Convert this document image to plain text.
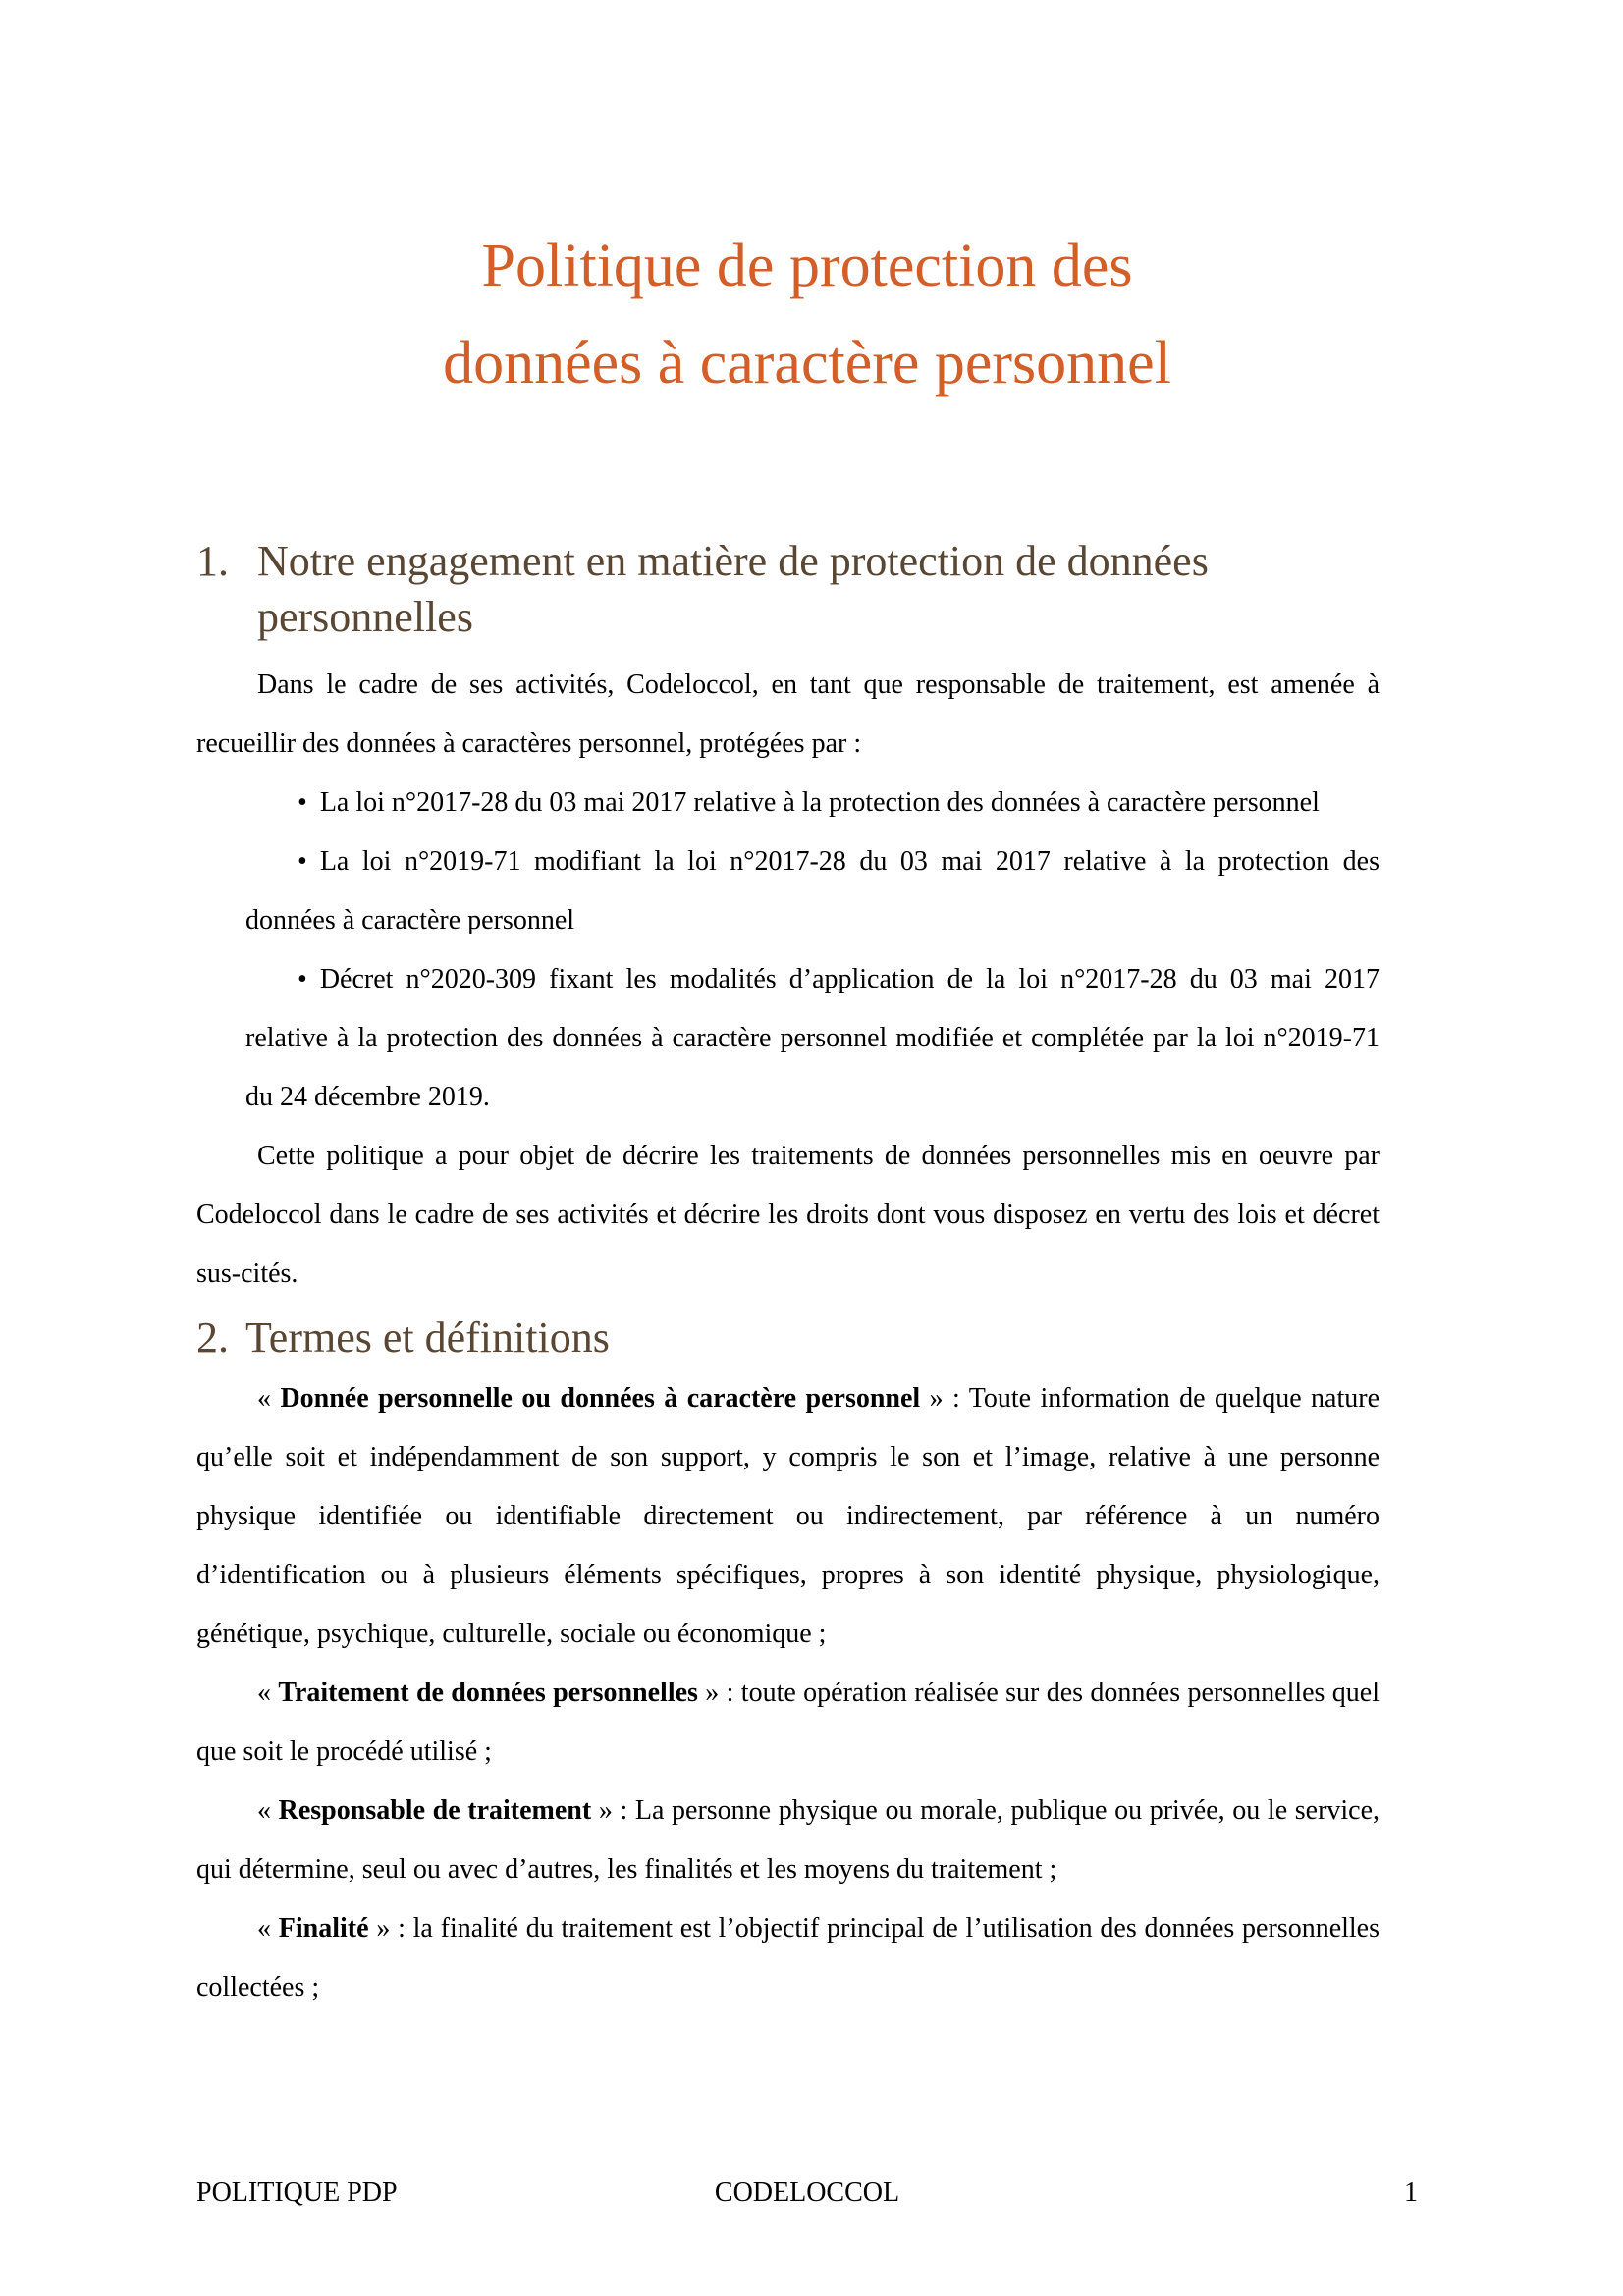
Politique de protection des
données à caractère personnel
1. Notre engagement en matière de protection de données personnelles

Dans le cadre de ses activités, Codeloccol, en tant que responsable de traitement, est amenée à recueillir des données à caractères personnel, protégées par :

• La loi n°2017-28 du 03 mai 2017 relative à la protection des données à caractère personnel

• La loi n°2019-71 modifiant la loi n°2017-28 du 03 mai 2017 relative à la protection des données à caractère personnel

• Décret n°2020-309 fixant les modalités d’application de la loi n°2017-28 du 03 mai 2017 relative à la protection des données à caractère personnel modifiée et complétée par la loi n°2019-71 du 24 décembre 2019.

Cette politique a pour objet de décrire les traitements de données personnelles mis en oeuvre par Codeloccol dans le cadre de ses activités et décrire les droits dont vous disposez en vertu des lois et décret sus-cités.

2. Termes et définitions

« Donnée personnelle ou données à caractère personnel » : Toute information de quelque nature qu’elle soit et indépendamment de son support, y compris le son et l’image, relative à une personne physique identifiée ou identifiable directement ou indirectement, par référence à un numéro d’identification ou à plusieurs éléments spécifiques, propres à son identité physique, physiologique, génétique, psychique, culturelle, sociale ou économique ;

« Traitement de données personnelles » : toute opération réalisée sur des données personnelles quel que soit le procédé utilisé ;

« Responsable de traitement » : La personne physique ou morale, publique ou privée, ou le service, qui détermine, seul ou avec d’autres, les finalités et les moyens du traitement ;

« Finalité » : la finalité du traitement est l’objectif principal de l’utilisation des données personnelles collectées ;

POLITIQUE PDP	CODELOCCOL	1
